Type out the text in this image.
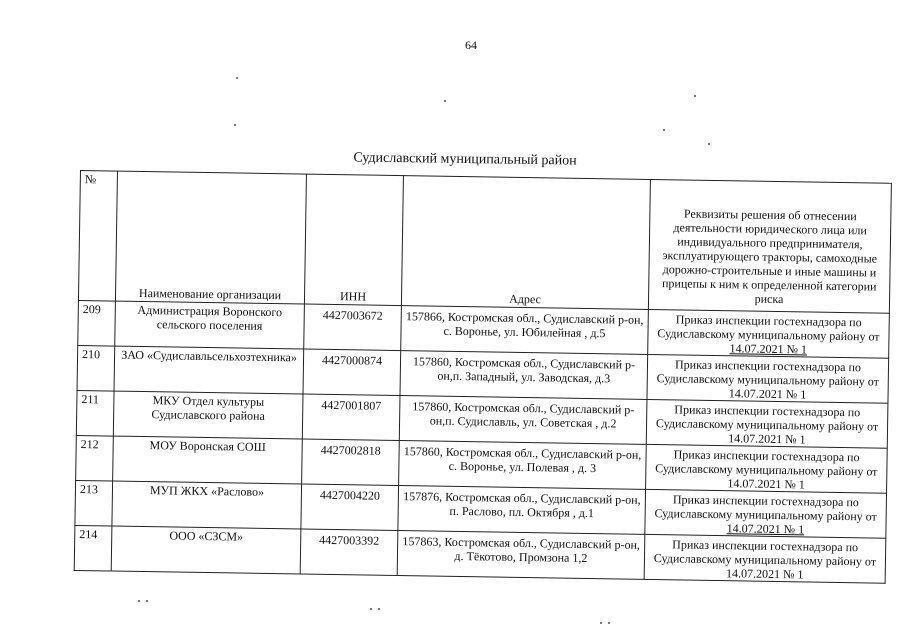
64
Судиславский муниципальный район
№	Наименование организации	ИНН	Адрес	Реквизиты решения об отнесении деятельности юридического лица или индивидуального предпринимателя, эксплуатирующего тракторы, самоходные дорожно-строительные и иные машины и прицепы к ним к определенной категории риска
209	Администрация Воронского сельского поселения	4427003672	157866, Костромская обл., Судиславский р-он, с. Воронье, ул. Юбилейная , д.5	Приказ инспекции гостехнадзора по Судиславскому муниципальному району от 14.07.2021 № 1
210	ЗАО «Судиславльсельхозтехника»	4427000874	157860, Костромская обл., Судиславский р-он,п. Западный, ул. Заводская, д.3	Приказ инспекции гостехнадзора по Судиславскому муниципальному району от 14.07.2021 № 1
211	МКУ Отдел культуры Судиславского района	4427001807	157860, Костромская обл., Судиславский р-он,п. Судиславль, ул. Советская , д.2	Приказ инспекции гостехнадзора по Судиславскому муниципальному району от 14.07.2021 № 1
212	МОУ Воронская СОШ	4427002818	157860, Костромская обл., Судиславский р-он, с. Воронье, ул. Полевая , д. 3	Приказ инспекции гостехнадзора по Судиславскому муниципальному району от 14.07.2021 № 1
213	МУП ЖКХ «Раслово»	4427004220	157876, Костромская обл., Судиславский р-он, п. Раслово, пл. Октября , д.1	Приказ инспекции гостехнадзора по Судиславскому муниципальному району от 14.07.2021 № 1
214	ООО «СЗСМ»	4427003392	157863, Костромская обл., Судиславский р-он, д. Тёкотово, Промзона 1,2	Приказ инспекции гостехнадзора по Судиславскому муниципальному району от 14.07.2021 № 1
